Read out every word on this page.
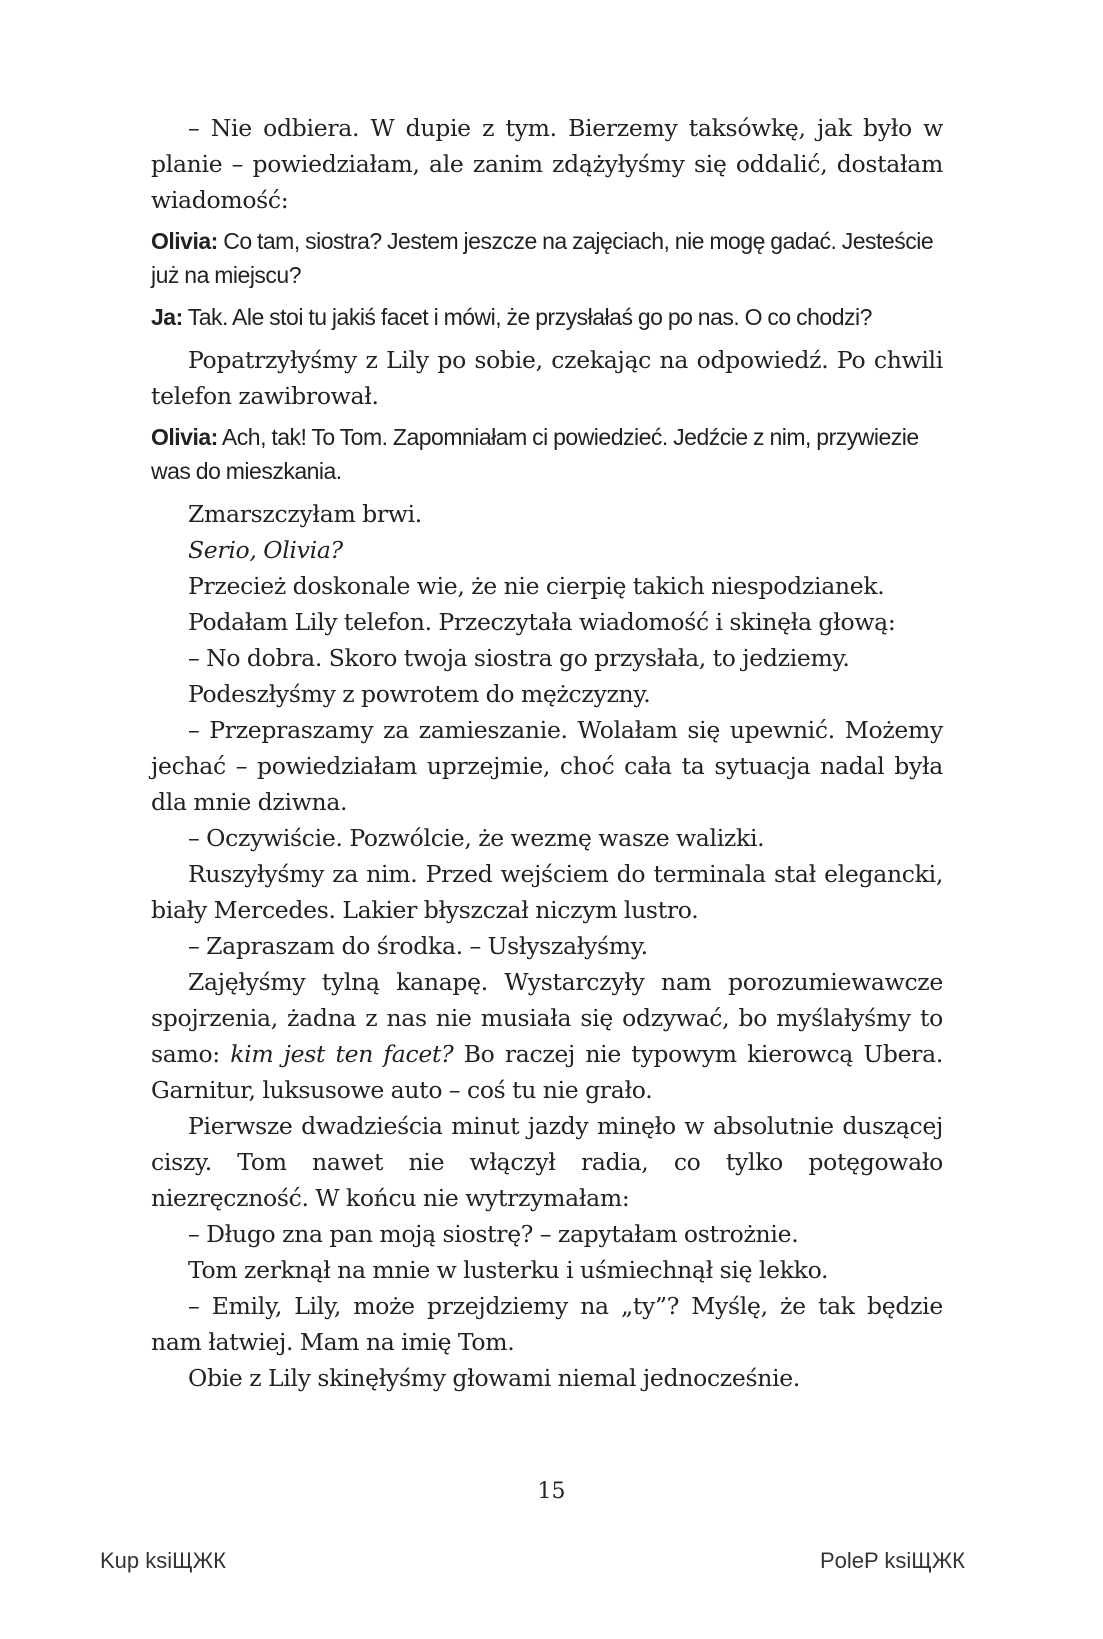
– Nie odbiera. W dupie z tym. Bierzemy taksówkę, jak było w planie – powiedziałam, ale zanim zdążyłyśmy się oddalić, dostałam wiadomość:

Olivia: Co tam, siostra? Jestem jeszcze na zajęciach, nie mogę gadać. Jesteście już na miejscu?
Ja: Tak. Ale stoi tu jakiś facet i mówi, że przysłałaś go po nas. O co chodzi?

Popatrzyłyśmy z Lily po sobie, czekając na odpowiedź. Po chwili telefon zawibrował.

Olivia: Ach, tak! To Tom. Zapomniałam ci powiedzieć. Jedźcie z nim, przywiezie was do mieszkania.

Zmarszczyłam brwi.

Serio, Olivia?

Przecież doskonale wie, że nie cierpię takich niespodzianek.

Podałam Lily telefon. Przeczytała wiadomość i skinęła głową:

– No dobra. Skoro twoja siostra go przysłała, to jedziemy.

Podeszłyśmy z powrotem do mężczyzny.

– Przepraszamy za zamieszanie. Wolałam się upewnić. Możemy jechać – powiedziałam uprzejmie, choć cała ta sytuacja nadal była dla mnie dziwna.

– Oczywiście. Pozwólcie, że wezmę wasze walizki.

Ruszyłyśmy za nim. Przed wejściem do terminala stał elegancki, biały Mercedes. Lakier błyszczał niczym lustro.

– Zapraszam do środka. – Usłyszałyśmy.

Zajęłyśmy tylną kanapę. Wystarczyły nam porozumiewawcze spojrzenia, żadna z nas nie musiała się odzywać, bo myślałyśmy to samo: kim jest ten facet? Bo raczej nie typowym kierowcą Ubera. Garnitur, luksusowe auto – coś tu nie grało.

Pierwsze dwadzieścia minut jazdy minęło w absolutnie duszącej ciszy. Tom nawet nie włączył radia, co tylko potęgowało niezręczność. W końcu nie wytrzymałam:

– Długo zna pan moją siostrę? – zapytałam ostrożnie.

Tom zerknął na mnie w lusterku i uśmiechnął się lekko.

– Emily, Lily, może przejdziemy na „ty”? Myślę, że tak będzie nam łatwiej. Mam na imię Tom.

Obie z Lily skinęłyśmy głowami niemal jednocześnie.

15
Kup ksiЩЖК	PoleP ksiЩЖК
